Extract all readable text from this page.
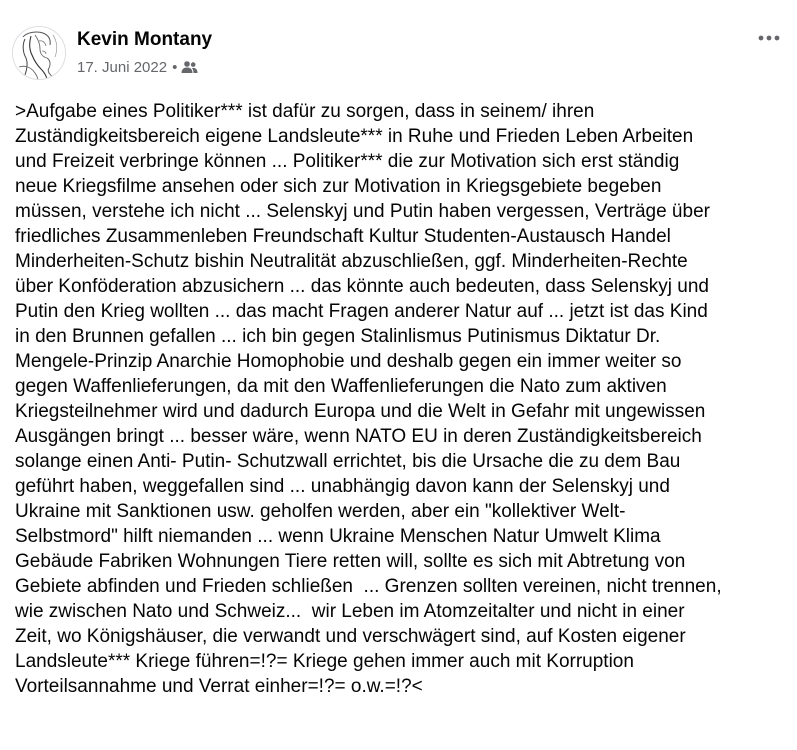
Kevin Montany
17. Juni 2022 •
>Aufgabe eines Politiker*** ist dafür zu sorgen, dass in seinem/ ihren
Zuständigkeitsbereich eigene Landsleute*** in Ruhe und Frieden Leben Arbeiten
und Freizeit verbringe können ... Politiker*** die zur Motivation sich erst ständig
neue Kriegsfilme ansehen oder sich zur Motivation in Kriegsgebiete begeben
müssen, verstehe ich nicht ... Selenskyj und Putin haben vergessen, Verträge über
friedliches Zusammenleben Freundschaft Kultur Studenten-Austausch Handel
Minderheiten-Schutz bishin Neutralität abzuschließen, ggf. Minderheiten-Rechte
über Konföderation abzusichern ... das könnte auch bedeuten, dass Selenskyj und
Putin den Krieg wollten ... das macht Fragen anderer Natur auf ... jetzt ist das Kind
in den Brunnen gefallen ... ich bin gegen Stalinlismus Putinismus Diktatur Dr.
Mengele-Prinzip Anarchie Homophobie und deshalb gegen ein immer weiter so
gegen Waffenlieferungen, da mit den Waffenlieferungen die Nato zum aktiven
Kriegsteilnehmer wird und dadurch Europa und die Welt in Gefahr mit ungewissen
Ausgängen bringt ... besser wäre, wenn NATO EU in deren Zuständigkeitsbereich
solange einen Anti- Putin- Schutzwall errichtet, bis die Ursache die zu dem Bau
geführt haben, weggefallen sind ... unabhängig davon kann der Selenskyj und
Ukraine mit Sanktionen usw. geholfen werden, aber ein "kollektiver Welt-
Selbstmord" hilft niemanden ... wenn Ukraine Menschen Natur Umwelt Klima
Gebäude Fabriken Wohnungen Tiere retten will, sollte es sich mit Abtretung von
Gebiete abfinden und Frieden schließen  ... Grenzen sollten vereinen, nicht trennen,
wie zwischen Nato und Schweiz...  wir Leben im Atomzeitalter und nicht in einer
Zeit, wo Königshäuser, die verwandt und verschwägert sind, auf Kosten eigener
Landsleute*** Kriege führen=!?= Kriege gehen immer auch mit Korruption
Vorteilsannahme und Verrat einher=!?= o.w.=!?<
